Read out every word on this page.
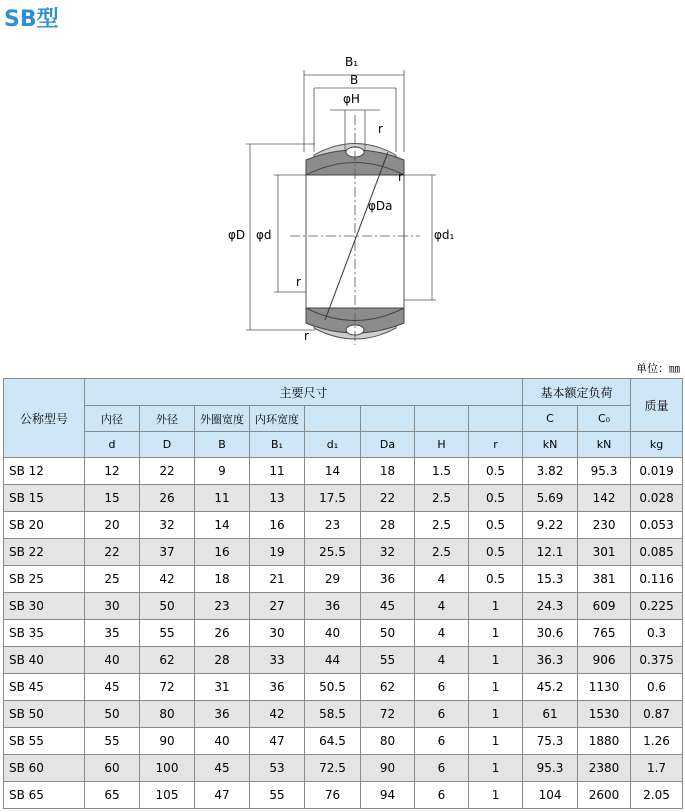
SB型
B₁
B
φH
r
r
φDa
φD φd	φd₁
r
r
单位：㎜
公称型号	主要尺寸								基本额定负荷		质量
	内径	外径	外圈宽度	内环宽度					C	C₀	
	d	D	B	B₁	d₁	Da	H	r	kN	kN	kg
SB 12	12	22	9	11	14	18	1.5	0.5	3.82	95.3	0.019
SB 15	15	26	11	13	17.5	22	2.5	0.5	5.69	142	0.028
SB 20	20	32	14	16	23	28	2.5	0.5	9.22	230	0.053
SB 22	22	37	16	19	25.5	32	2.5	0.5	12.1	301	0.085
SB 25	25	42	18	21	29	36	4	0.5	15.3	381	0.116
SB 30	30	50	23	27	36	45	4	1	24.3	609	0.225
SB 35	35	55	26	30	40	50	4	1	30.6	765	0.3
SB 40	40	62	28	33	44	55	4	1	36.3	906	0.375
SB 45	45	72	31	36	50.5	62	6	1	45.2	1130	0.6
SB 50	50	80	36	42	58.5	72	6	1	61	1530	0.87
SB 55	55	90	40	47	64.5	80	6	1	75.3	1880	1.26
SB 60	60	100	45	53	72.5	90	6	1	95.3	2380	1.7
SB 65	65	105	47	55	76	94	6	1	104	2600	2.05
